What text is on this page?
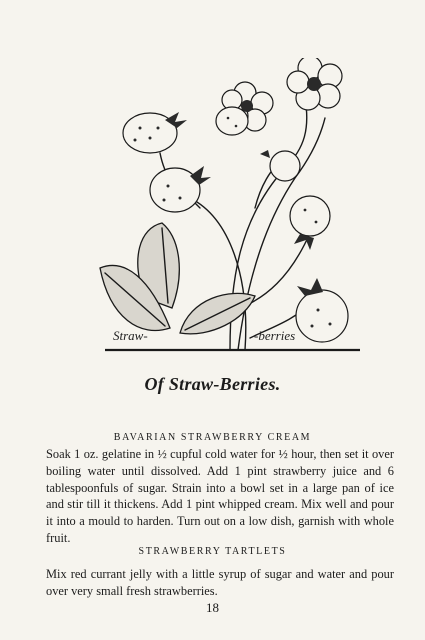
Straw-	-berries
Of Straw-Berries.
BAVARIAN STRAWBERRY CREAM
Soak 1 oz. gelatine in ½ cupful cold water for ½ hour, then set it over boiling water until dissolved. Add 1 pint strawberry juice and 6 tablespoonfuls of sugar. Strain into a bowl set in a large pan of ice and stir till it thickens. Add 1 pint whipped cream. Mix well and pour it into a mould to harden. Turn out on a low dish, garnish with whole fruit.
STRAWBERRY TARTLETS
Mix red currant jelly with a little syrup of sugar and water and pour over very small fresh strawberries.
18
